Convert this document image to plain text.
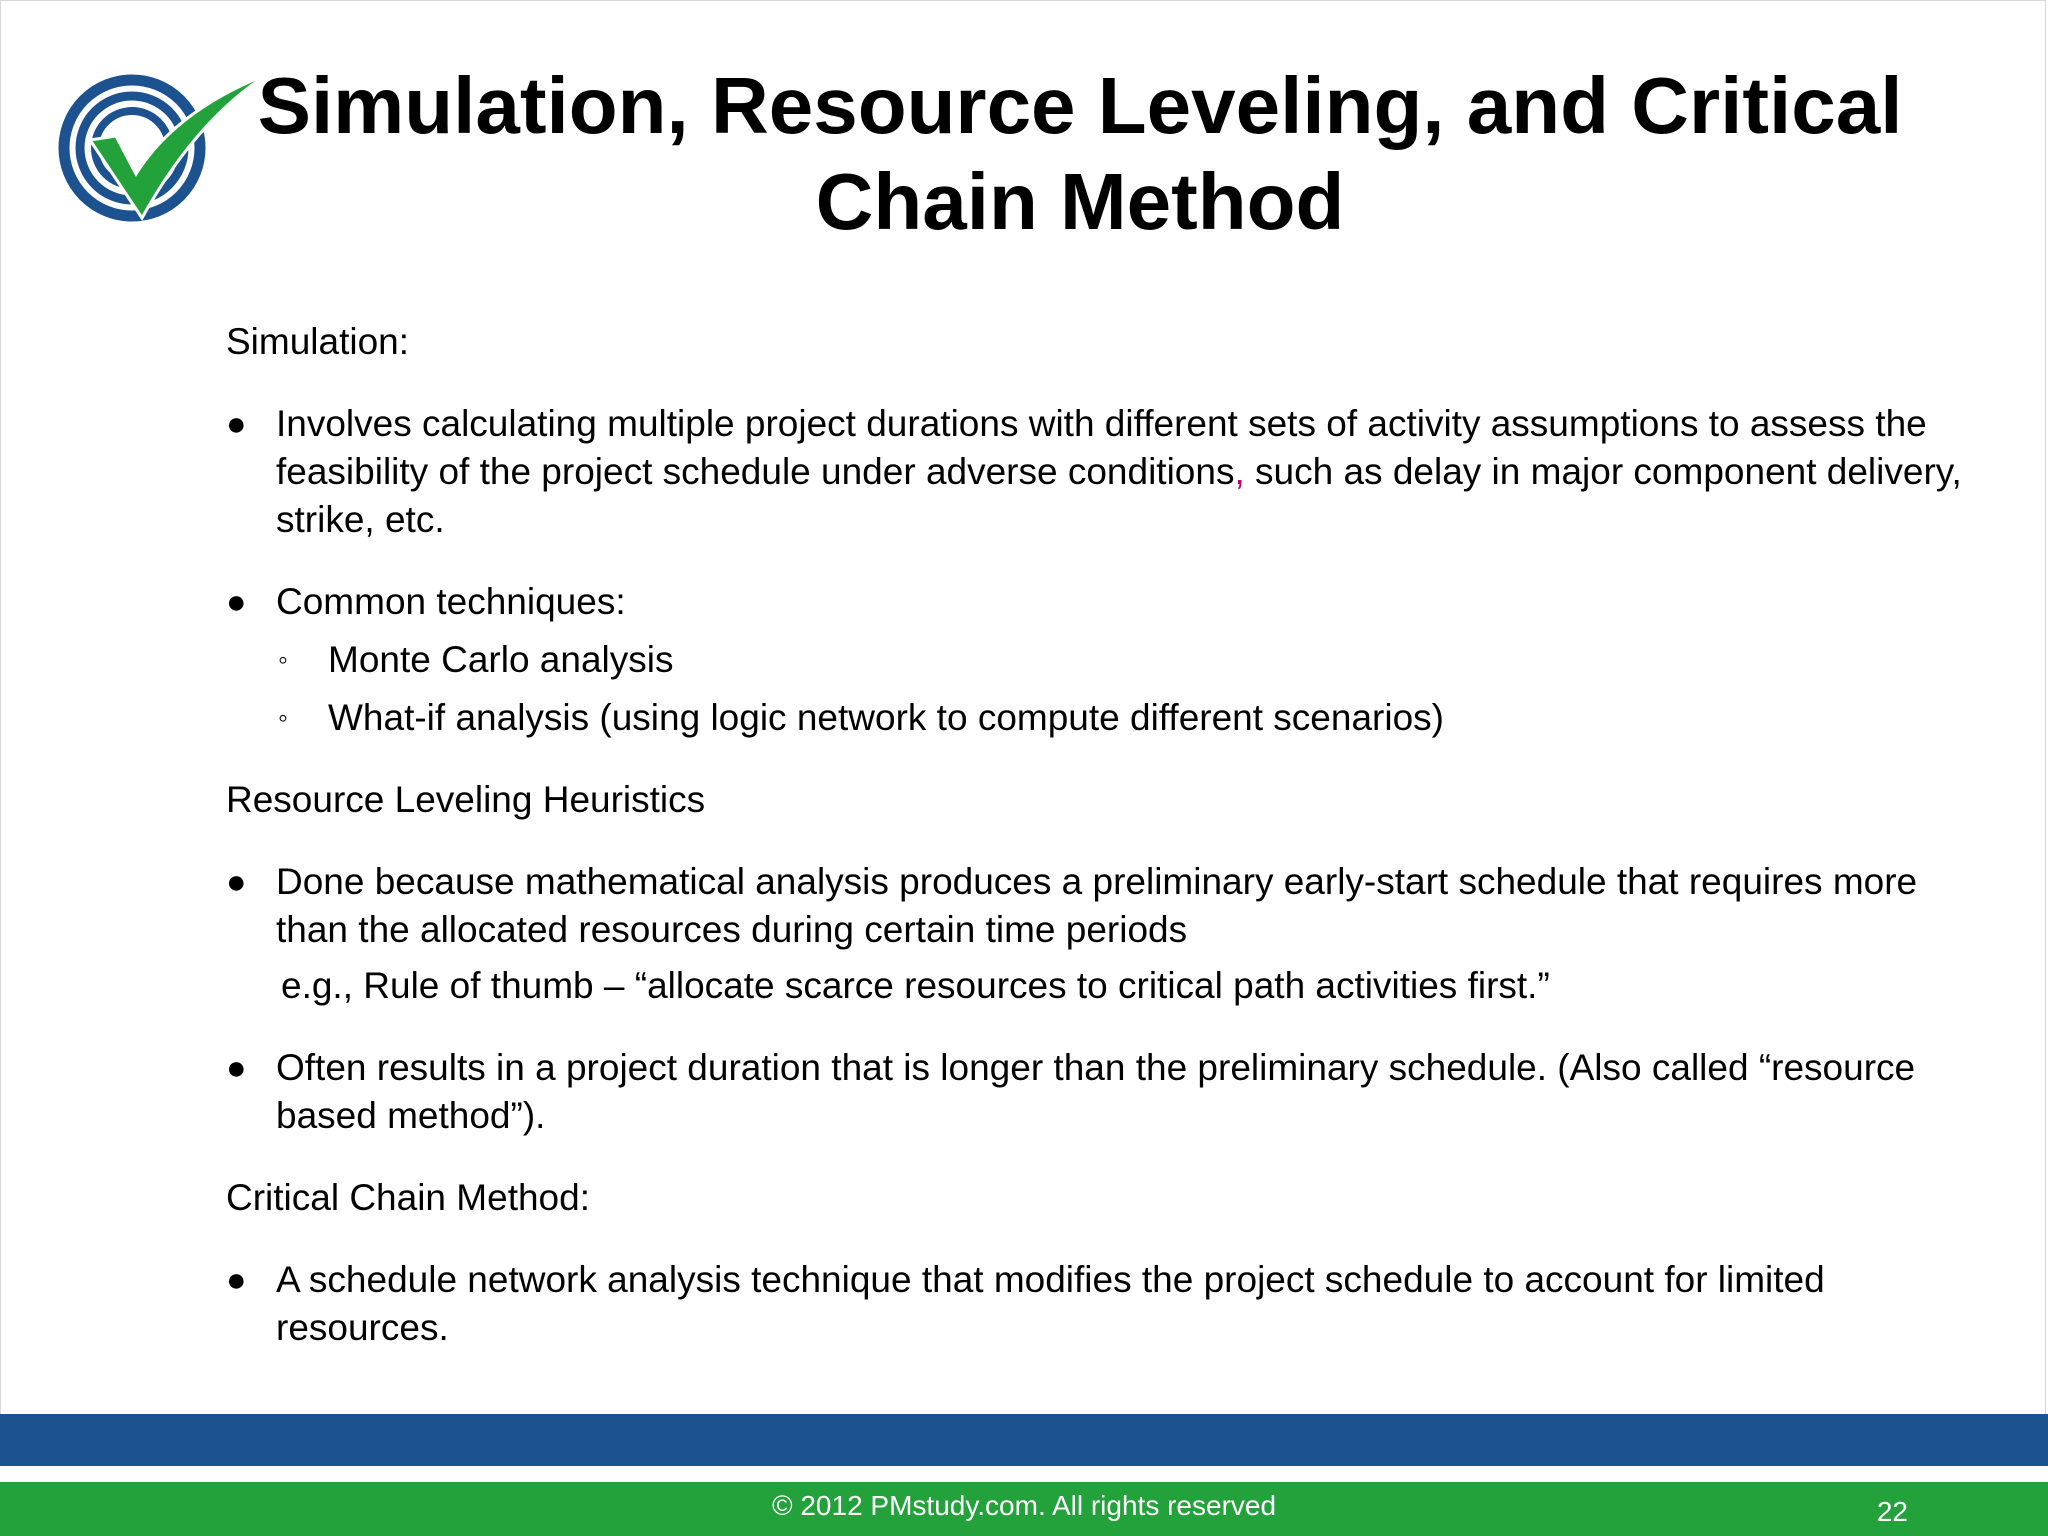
Simulation, Resource Leveling, and Critical
Chain Method
Simulation:
● Involves calculating multiple project durations with different sets of activity assumptions to assess the feasibility of the project schedule under adverse conditions, such as delay in major component delivery, strike, etc.
● Common techniques:
◦ Monte Carlo analysis
◦ What-if analysis (using logic network to compute different scenarios)
Resource Leveling Heuristics
● Done because mathematical analysis produces a preliminary early-start schedule that requires more than the allocated resources during certain time periods
e.g., Rule of thumb – “allocate scarce resources to critical path activities first.”
● Often results in a project duration that is longer than the preliminary schedule. (Also called “resource based method”).
Critical Chain Method:
● A schedule network analysis technique that modifies the project schedule to account for limited resources.
© 2012 PMstudy.com. All rights reserved	22
